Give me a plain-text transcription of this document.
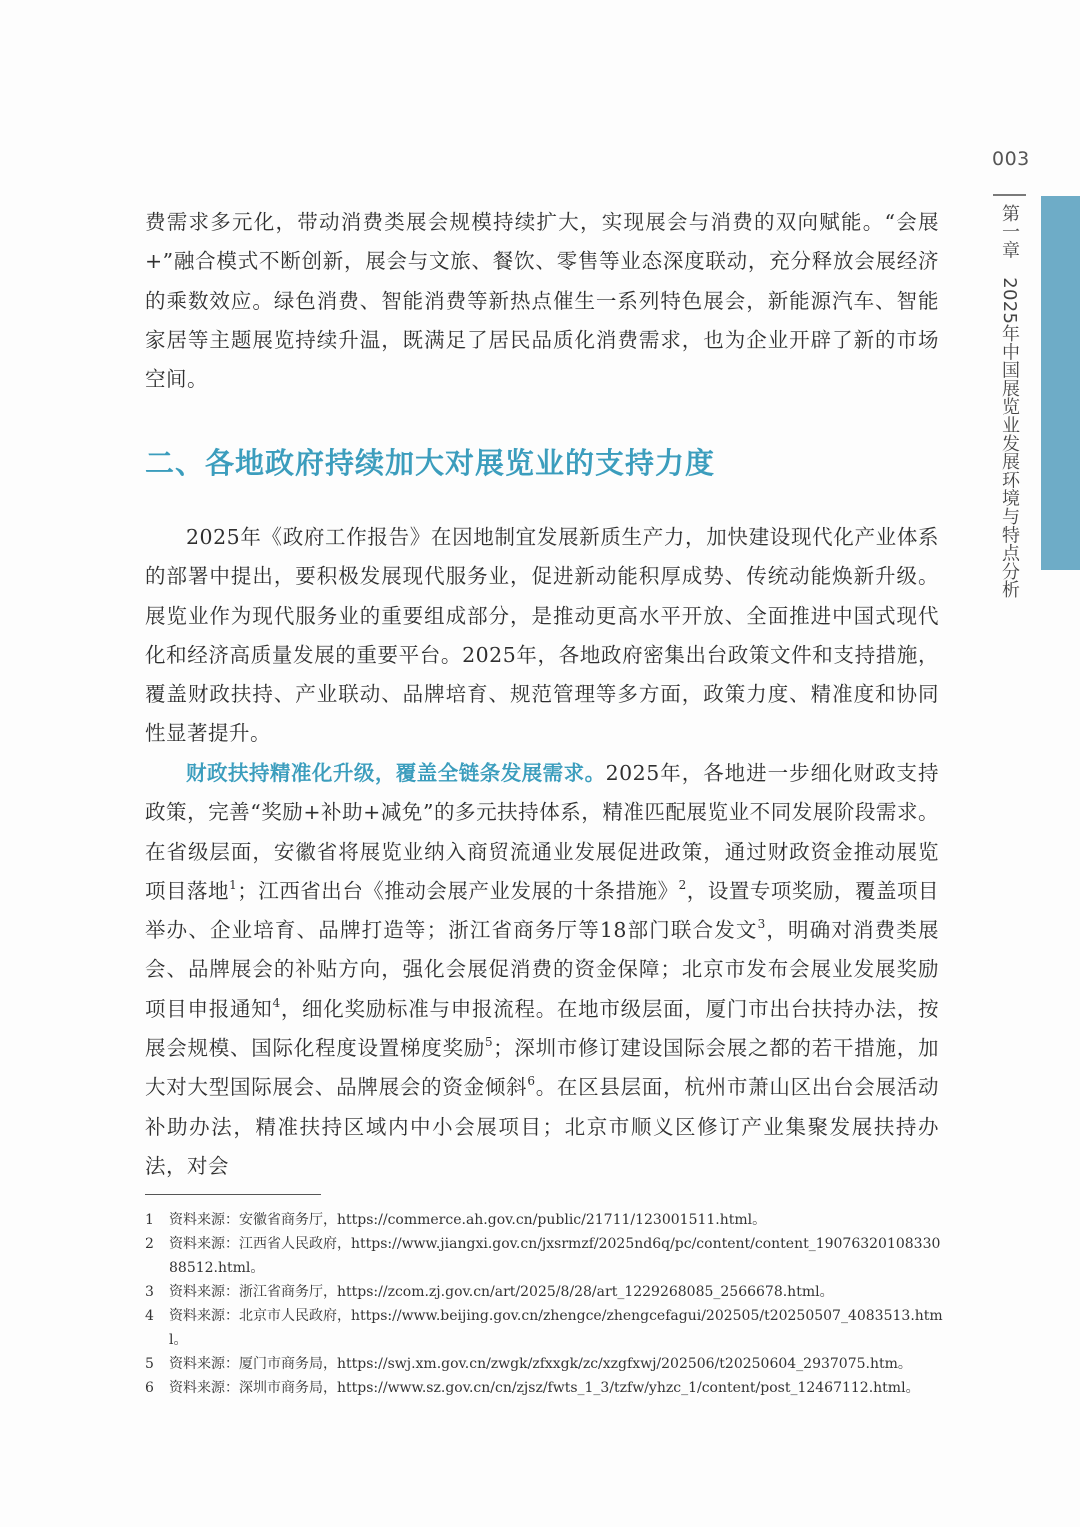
003
第一章　2025年中国展览业发展环境与特点分析

费需求多元化，带动消费类展会规模持续扩大，实现展会与消费的双向赋能。“会展+”融合模式不断创新，展会与文旅、餐饮、零售等业态深度联动，充分释放会展经济的乘数效应。绿色消费、智能消费等新热点催生一系列特色展会，新能源汽车、智能家居等主题展览持续升温，既满足了居民品质化消费需求，也为企业开辟了新的市场空间。

二、各地政府持续加大对展览业的支持力度

2025年《政府工作报告》在因地制宜发展新质生产力，加快建设现代化产业体系的部署中提出，要积极发展现代服务业，促进新动能积厚成势、传统动能焕新升级。展览业作为现代服务业的重要组成部分，是推动更高水平开放、全面推进中国式现代化和经济高质量发展的重要平台。2025年，各地政府密集出台政策文件和支持措施，覆盖财政扶持、产业联动、品牌培育、规范管理等多方面，政策力度、精准度和协同性显著提升。

财政扶持精准化升级，覆盖全链条发展需求。2025年，各地进一步细化财政支持政策，完善“奖励+补助+减免”的多元扶持体系，精准匹配展览业不同发展阶段需求。在省级层面，安徽省将展览业纳入商贸流通业发展促进政策，通过财政资金推动展览项目落地$^1$；江西省出台《推动会展产业发展的十条措施》$^2$，设置专项奖励，覆盖项目举办、企业培育、品牌打造等；浙江省商务厅等18部门联合发文$^3$，明确对消费类展会、品牌展会的补贴方向，强化会展促消费的资金保障；北京市发布会展业发展奖励项目申报通知$^4$，细化奖励标准与申报流程。在地市级层面，厦门市出台扶持办法，按展会规模、国际化程度设置梯度奖励$^5$；深圳市修订建设国际会展之都的若干措施，加大对大型国际展会、品牌展会的资金倾斜$^6$。在区县层面，杭州市萧山区出台会展活动补助办法，精准扶持区域内中小会展项目；北京市顺义区修订产业集聚发展扶持办法，对会

1	资料来源：安徽省商务厅，https://commerce.ah.gov.cn/public/21711/123001511.html。
2	资料来源：江西省人民政府，https://www.jiangxi.gov.cn/jxsrmzf/2025nd6q/pc/content/content_1907632010833088512.html。
3	资料来源：浙江省商务厅，https://zcom.zj.gov.cn/art/2025/8/28/art_1229268085_2566678.html。
4	资料来源：北京市人民政府，https://www.beijing.gov.cn/zhengce/zhengcefagui/202505/t20250507_4083513.html。
5	资料来源：厦门市商务局，https://swj.xm.gov.cn/zwgk/zfxxgk/zc/xzgfxwj/202506/t20250604_2937075.htm。
6	资料来源：深圳市商务局，https://www.sz.gov.cn/cn/zjsz/fwts_1_3/tzfw/yhzc_1/content/post_12467112.html。
